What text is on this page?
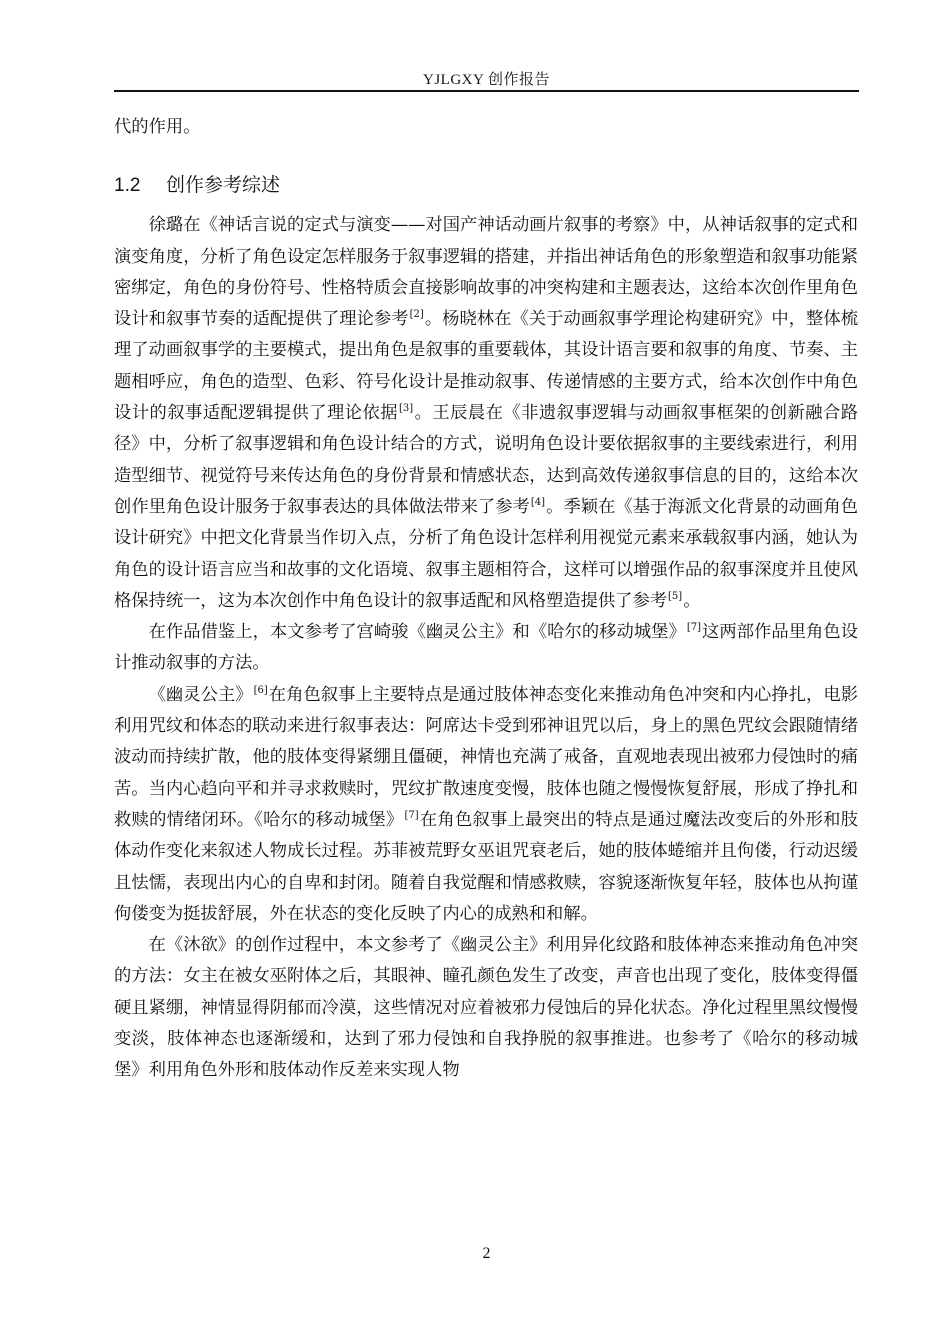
YJLGXY 创作报告

代的作用。

1.2 创作参考综述

徐璐在《神话言说的定式与演变——对国产神话动画片叙事的考察》中，从神话叙事的定式和演变角度，分析了角色设定怎样服务于叙事逻辑的搭建，并指出神话角色的形象塑造和叙事功能紧密绑定，角色的身份符号、性格特质会直接影响故事的冲突构建和主题表达，这给本次创作里角色设计和叙事节奏的适配提供了理论参考[2]。杨晓林在《关于动画叙事学理论构建研究》中，整体梳理了动画叙事学的主要模式，提出角色是叙事的重要载体，其设计语言要和叙事的角度、节奏、主题相呼应，角色的造型、色彩、符号化设计是推动叙事、传递情感的主要方式，给本次创作中角色设计的叙事适配逻辑提供了理论依据[3]。王辰晨在《非遗叙事逻辑与动画叙事框架的创新融合路径》中，分析了叙事逻辑和角色设计结合的方式，说明角色设计要依据叙事的主要线索进行，利用造型细节、视觉符号来传达角色的身份背景和情感状态，达到高效传递叙事信息的目的，这给本次创作里角色设计服务于叙事表达的具体做法带来了参考[4]。季颖在《基于海派文化背景的动画角色设计研究》中把文化背景当作切入点，分析了角色设计怎样利用视觉元素来承载叙事内涵，她认为角色的设计语言应当和故事的文化语境、叙事主题相符合，这样可以增强作品的叙事深度并且使风格保持统一，这为本次创作中角色设计的叙事适配和风格塑造提供了参考[5]。

在作品借鉴上，本文参考了宫崎骏《幽灵公主》和《哈尔的移动城堡》[7]这两部作品里角色设计推动叙事的方法。

《幽灵公主》[6]在角色叙事上主要特点是通过肢体神态变化来推动角色冲突和内心挣扎，电影利用咒纹和体态的联动来进行叙事表达：阿席达卡受到邪神诅咒以后，身上的黑色咒纹会跟随情绪波动而持续扩散，他的肢体变得紧绷且僵硬，神情也充满了戒备，直观地表现出被邪力侵蚀时的痛苦。当内心趋向平和并寻求救赎时，咒纹扩散速度变慢，肢体也随之慢慢恢复舒展，形成了挣扎和救赎的情绪闭环。《哈尔的移动城堡》[7]在角色叙事上最突出的特点是通过魔法改变后的外形和肢体动作变化来叙述人物成长过程。苏菲被荒野女巫诅咒衰老后，她的肢体蜷缩并且佝偻，行动迟缓且怯懦，表现出内心的自卑和封闭。随着自我觉醒和情感救赎，容貌逐渐恢复年轻，肢体也从拘谨佝偻变为挺拔舒展，外在状态的变化反映了内心的成熟和和解。

在《沐欲》的创作过程中，本文参考了《幽灵公主》利用异化纹路和肢体神态来推动角色冲突的方法：女主在被女巫附体之后，其眼神、瞳孔颜色发生了改变，声音也出现了变化，肢体变得僵硬且紧绷，神情显得阴郁而冷漠，这些情况对应着被邪力侵蚀后的异化状态。净化过程里黑纹慢慢变淡，肢体神态也逐渐缓和，达到了邪力侵蚀和自我挣脱的叙事推进。也参考了《哈尔的移动城堡》利用角色外形和肢体动作反差来实现人物

2
